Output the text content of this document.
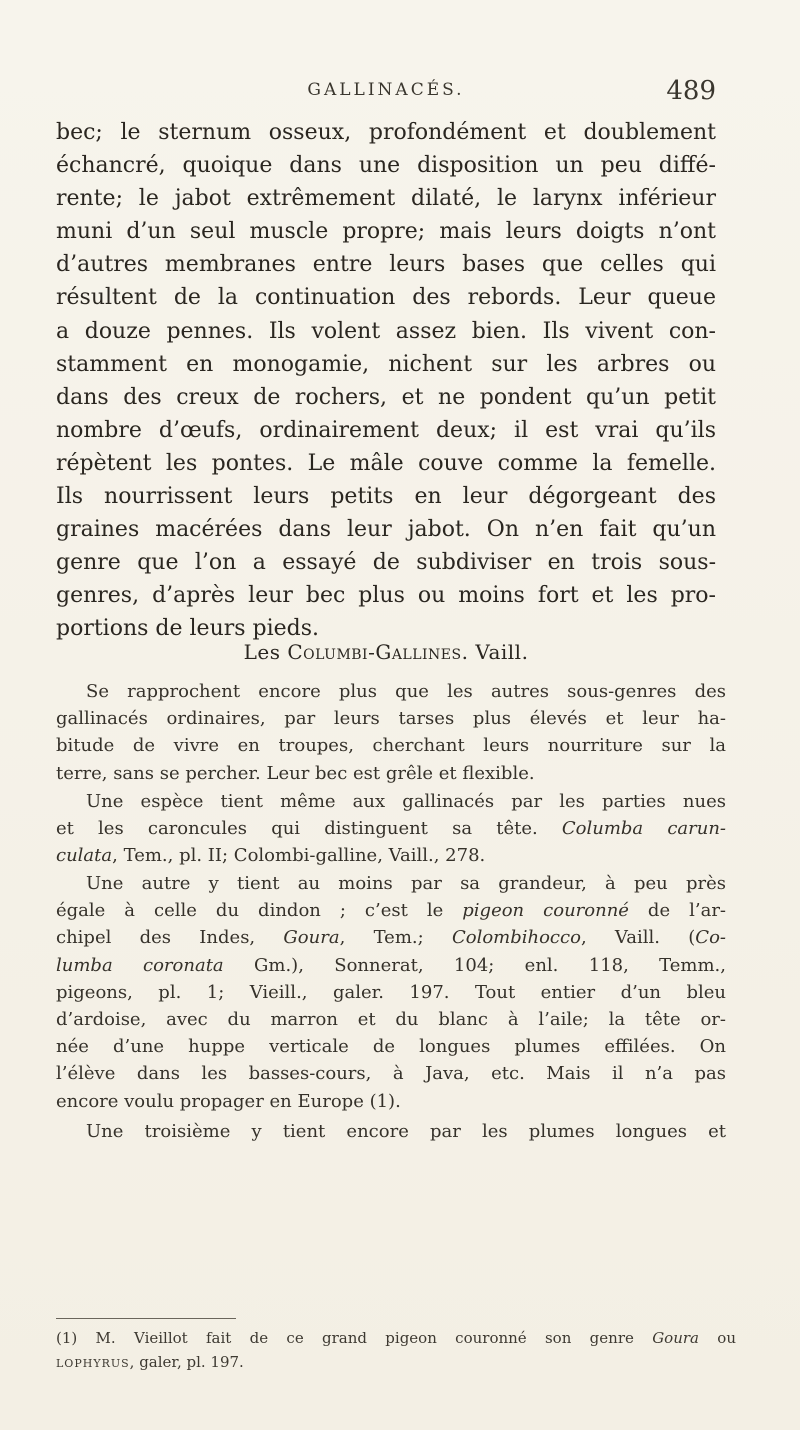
GALLINACÉS.	489
bec; le sternum osseux, profondément et doublement
échancré, quoique dans une disposition un peu diffé-
rente; le jabot extrêmement dilaté, le larynx inférieur
muni d’un seul muscle propre; mais leurs doigts n’ont
d’autres membranes entre leurs bases que celles qui
résultent de la continuation des rebords. Leur queue
a douze pennes. Ils volent assez bien. Ils vivent con-
stamment en monogamie, nichent sur les arbres ou
dans des creux de rochers, et ne pondent qu’un petit
nombre d’œufs, ordinairement deux; il est vrai qu’ils
répètent les pontes. Le mâle couve comme la femelle.
Ils nourrissent leurs petits en leur dégorgeant des
graines macérées dans leur jabot. On n’en fait qu’un
genre que l’on a essayé de subdiviser en trois sous-
genres, d’après leur bec plus ou moins fort et les pro-
portions de leurs pieds.
Les Columbi-Gallines. Vaill.
Se rapprochent encore plus que les autres sous-genres des
gallinacés ordinaires, par leurs tarses plus élevés et leur ha-
bitude de vivre en troupes, cherchant leurs nourriture sur la
terre, sans se percher. Leur bec est grêle et flexible.
Une espèce tient même aux gallinacés par les parties nues
et les caroncules qui distinguent sa tête. Columba carun-
culata, Tem., pl. II; Colombi-galline, Vaill., 278.
Une autre y tient au moins par sa grandeur, à peu près
égale à celle du dindon ; c’est le pigeon couronné de l’ar-
chipel des Indes, Goura, Tem.; Colombihocco, Vaill. (Co-
lumba coronata Gm.), Sonnerat, 104; enl. 118, Temm.,
pigeons, pl. 1; Vieill., galer. 197. Tout entier d’un bleu
d’ardoise, avec du marron et du blanc à l’aile; la tête or-
née d’une huppe verticale de longues plumes effilées. On
l’élève dans les basses-cours, à Java, etc. Mais il n’a pas
encore voulu propager en Europe (1).
Une troisième y tient encore par les plumes longues et
(1) M. Vieillot fait de ce grand pigeon couronné son genre Goura ou
lophyrus, galer, pl. 197.
